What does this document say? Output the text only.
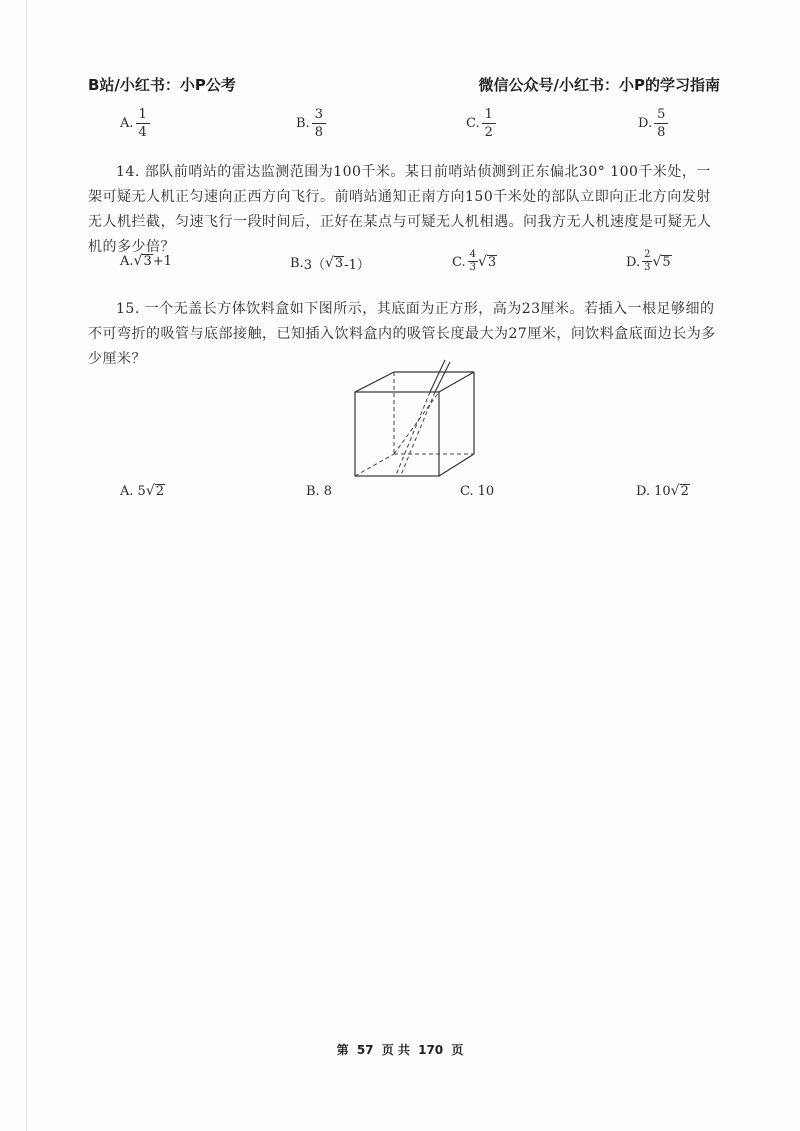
B站/小红书：小P公考	微信公众号/小红书：小P的学习指南
A. $\frac{1}{4}$	B. $\frac{3}{8}$	C. $\frac{1}{2}$	D. $\frac{5}{8}$
14. 部队前哨站的雷达监测范围为100千米。某日前哨站侦测到正东偏北30° 100千米处，一架可疑无人机正匀速向正西方向飞行。前哨站通知正南方向150千米处的部队立即向正北方向发射无人机拦截，匀速飞行一段时间后，正好在某点与可疑无人机相遇。问我方无人机速度是可疑无人机的多少倍？
A. √ 3 +1	B. 3（ √ 3 -1）	C. $\frac{4}{3}$ √ 3	D. $\frac{2}{3}$ √ 5
15. 一个无盖长方体饮料盒如下图所示，其底面为正方形，高为23厘米。若插入一根足够细的不可弯折的吸管与底部接触，已知插入饮料盒内的吸管长度最大为27厘米，问饮料盒底面边长为多少厘米？
A. 5 √ 2	B. 8	C. 10	D. 10 √ 2
第 57 页 共 170 页
